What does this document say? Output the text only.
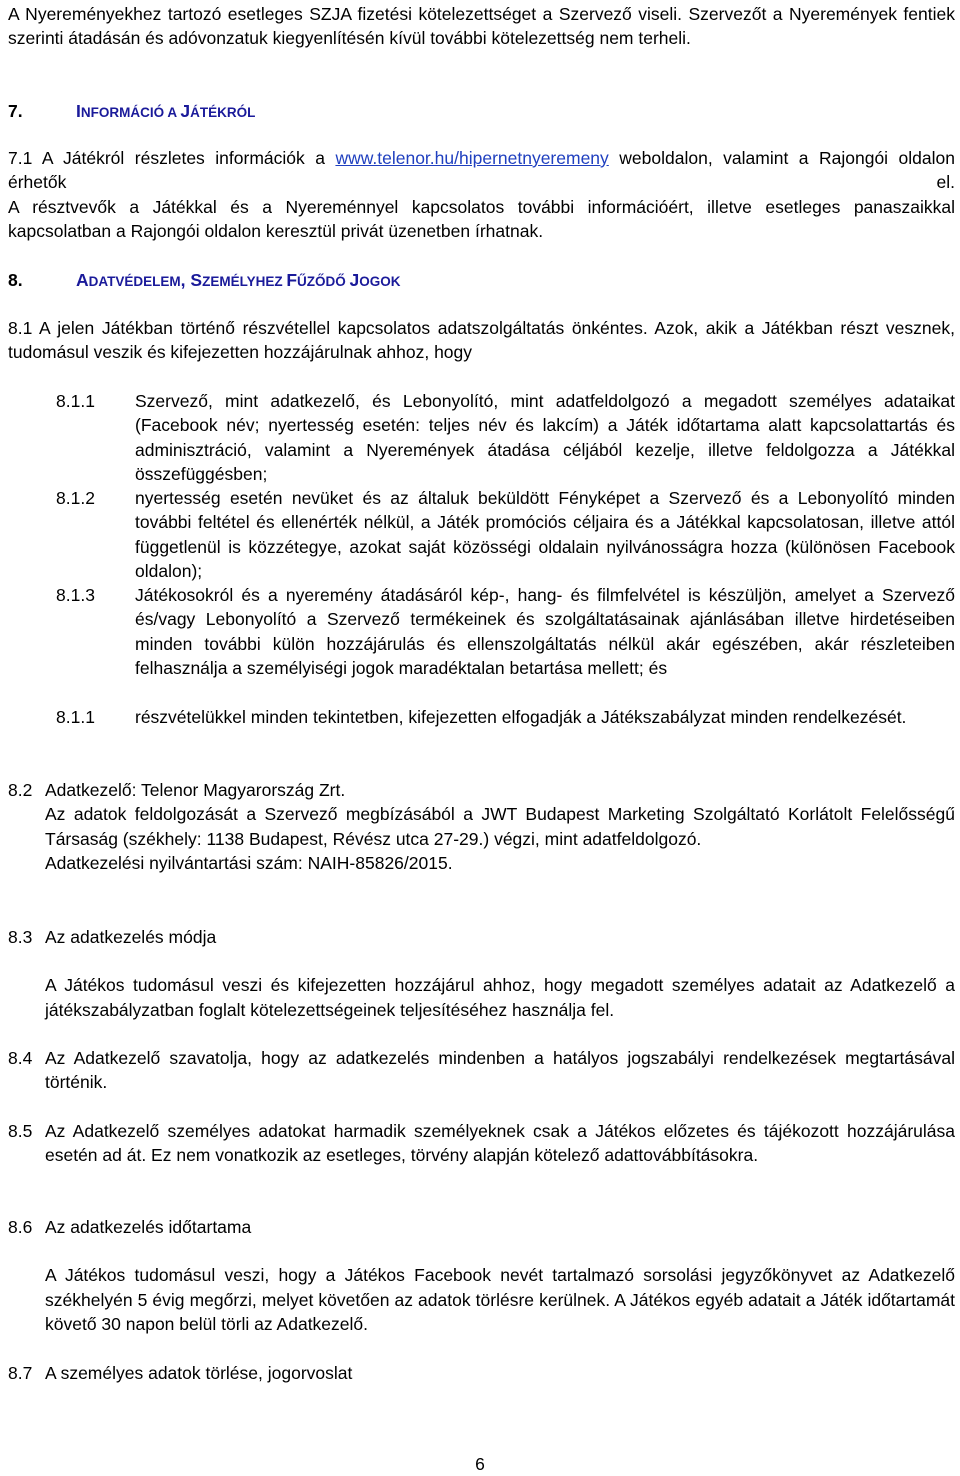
A Nyereményekhez tartozó esetleges SZJA fizetési kötelezettséget a Szervező viseli. Szervezőt a Nyeremények fentiek szerinti átadásán és adóvonzatuk kiegyenlítésén kívül további kötelezettség nem terheli.
7.	INFORMÁCIÓ A JÁTÉKRÓL
7.1 A Játékról részletes információk a www.telenor.hu/hipernetnyeremeny weboldalon, valamint a Rajongói oldalon érhetők el.
A résztvevők a Játékkal és a Nyereménnyel kapcsolatos további információért, illetve esetleges panaszaikkal kapcsolatban a Rajongói oldalon keresztül privát üzenetben írhatnak.
8.	ADATVÉDELEM, SZEMÉLYHEZ FŰZŐDŐ JOGOK
8.1 A jelen Játékban történő részvétellel kapcsolatos adatszolgáltatás önkéntes. Azok, akik a Játékban részt vesznek, tudomásul veszik és kifejezetten hozzájárulnak ahhoz, hogy
8.1.1 Szervező, mint adatkezelő, és Lebonyolító, mint adatfeldolgozó a megadott személyes adataikat (Facebook név; nyertesség esetén: teljes név és lakcím) a Játék időtartama alatt kapcsolattartás és adminisztráció, valamint a Nyeremények átadása céljából kezelje, illetve feldolgozza a Játékkal összefüggésben;
8.1.2 nyertesség esetén nevüket és az általuk beküldött Fényképet a Szervező és a Lebonyolító minden további feltétel és ellenérték nélkül, a Játék promóciós céljaira és a Játékkal kapcsolatosan, illetve attól függetlenül is közzétegye, azokat saját közösségi oldalain nyilvánosságra hozza (különösen Facebook oldalon);
8.1.3 Játékosokról és a nyeremény átadásáról kép-, hang- és filmfelvétel is készüljön, amelyet a Szervező és/vagy Lebonyolító a Szervező termékeinek és szolgáltatásainak ajánlásában illetve hirdetéseiben minden további külön hozzájárulás és ellenszolgáltatás nélkül akár egészében, akár részleteiben felhasználja a személyiségi jogok maradéktalan betartása mellett; és
8.1.1 részvételükkel minden tekintetben, kifejezetten elfogadják a Játékszabályzat minden rendelkezését.
8.2 Adatkezelő: Telenor Magyarország Zrt.
Az adatok feldolgozását a Szervező megbízásából a JWT Budapest Marketing Szolgáltató Korlátolt Felelősségű Társaság (székhely: 1138 Budapest, Révész utca 27-29.) végzi, mint adatfeldolgozó.
Adatkezelési nyilvántartási szám: NAIH-85826/2015.
8.3 Az adatkezelés módja
A Játékos tudomásul veszi és kifejezetten hozzájárul ahhoz, hogy megadott személyes adatait az Adatkezelő a játékszabályzatban foglalt kötelezettségeinek teljesítéséhez használja fel.
8.4 Az Adatkezelő szavatolja, hogy az adatkezelés mindenben a hatályos jogszabályi rendelkezések megtartásával történik.
8.5 Az Adatkezelő személyes adatokat harmadik személyeknek csak a Játékos előzetes és tájékozott hozzájárulása esetén ad át. Ez nem vonatkozik az esetleges, törvény alapján kötelező adattovábbításokra.
8.6 Az adatkezelés időtartama
A Játékos tudomásul veszi, hogy a Játékos Facebook nevét tartalmazó sorsolási jegyzőkönyvet az Adatkezelő székhelyén 5 évig megőrzi, melyet követően az adatok törlésre kerülnek. A Játékos egyéb adatait a Játék időtartamát követő 30 napon belül törli az Adatkezelő.
8.7 A személyes adatok törlése, jogorvoslat
6
